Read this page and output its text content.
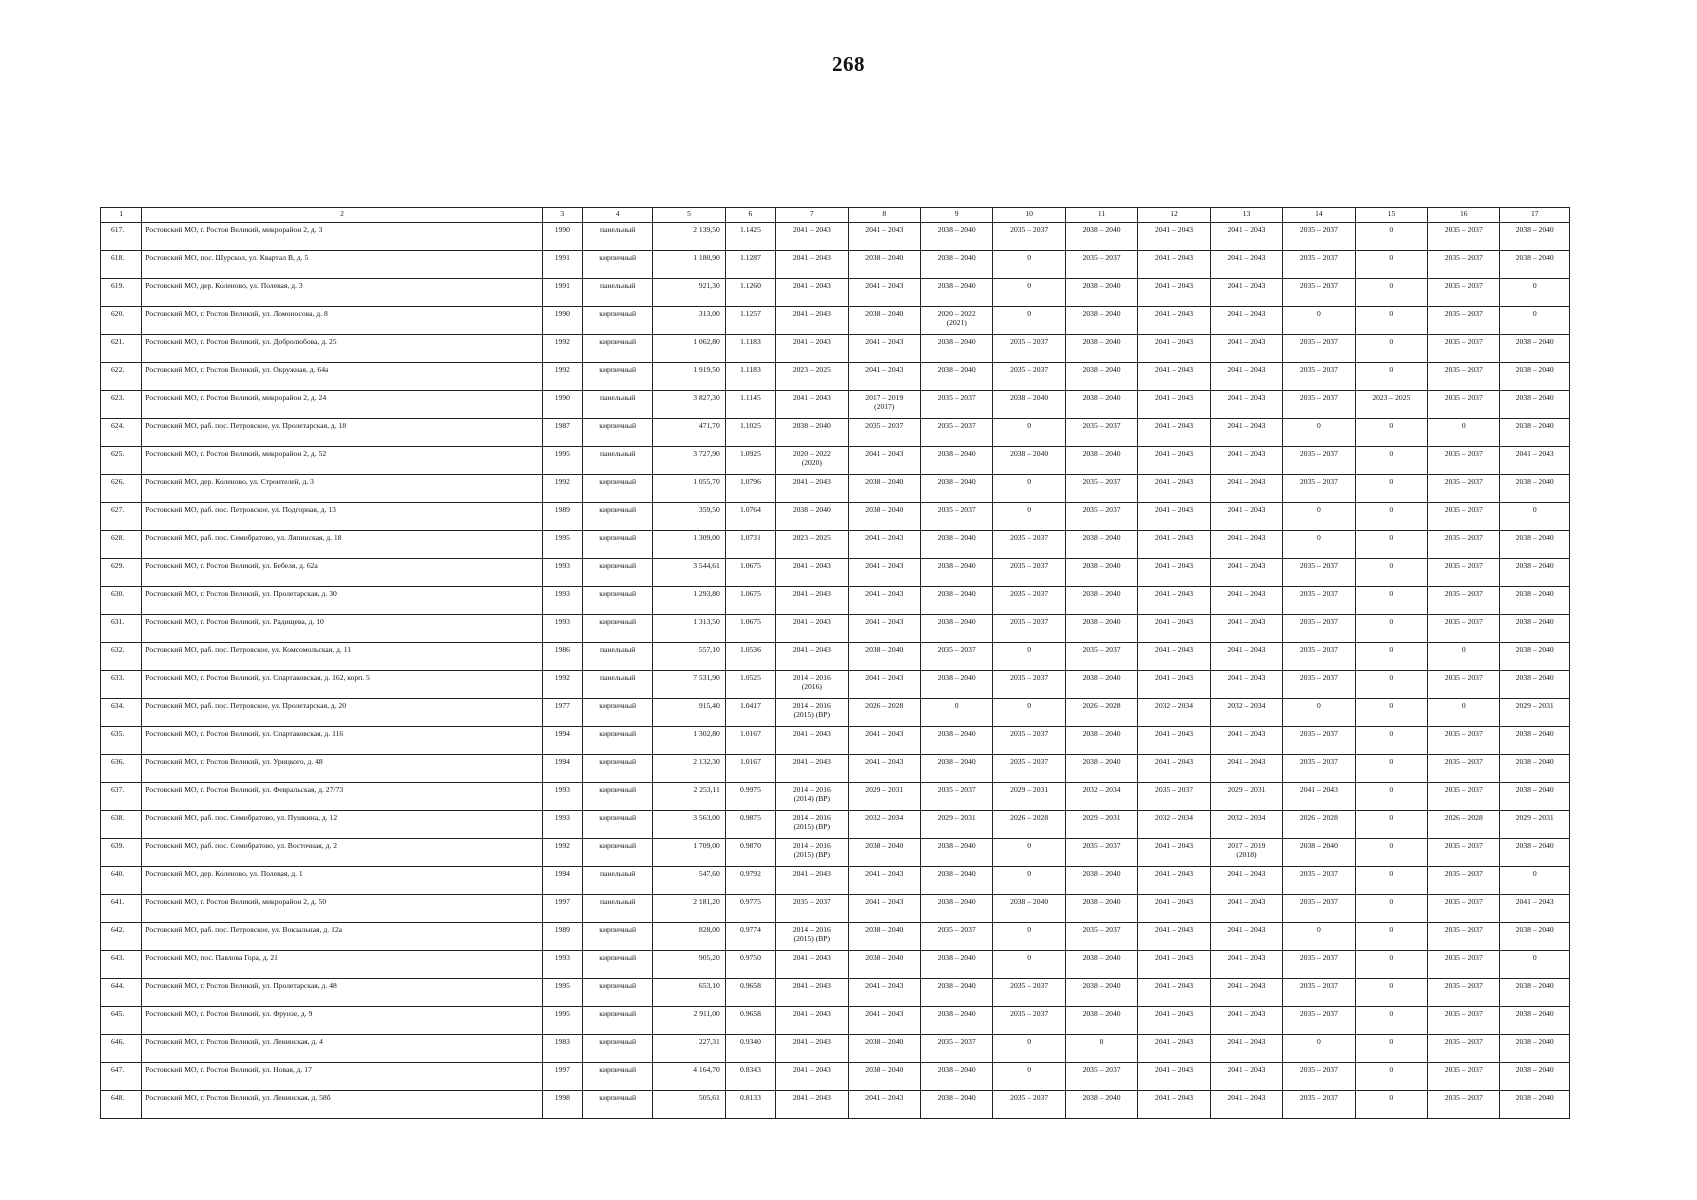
268
1	2	3	4	5	6	7	8	9	10	11	12	13	14	15	16	17
617.	Ростовский МО, г. Ростов Великий, микрорайон 2, д. 3	1990	панельный	2 139,50	1.1425	2041 – 2043	2041 – 2043	2038 – 2040	2035 – 2037	2038 – 2040	2041 – 2043	2041 – 2043	2035 – 2037	0	2035 – 2037	2038 – 2040
618.	Ростовский МО, пос. Шурскол, ул. Квартал В, д. 5	1991	кирпичный	1 180,90	1.1287	2041 – 2043	2038 – 2040	2038 – 2040	0	2035 – 2037	2041 – 2043	2041 – 2043	2035 – 2037	0	2035 – 2037	2038 – 2040
619.	Ростовский МО, дер. Коленово, ул. Полевая, д. 3	1991	панельный	921,30	1.1260	2041 – 2043	2041 – 2043	2038 – 2040	0	2038 – 2040	2041 – 2043	2041 – 2043	2035 – 2037	0	2035 – 2037	0
620.	Ростовский МО, г. Ростов Великий, ул. Ломоносова, д. 8	1990	кирпичный	313,00	1.1257	2041 – 2043	2038 – 2040	2020 – 2022
(2021)	0	2038 – 2040	2041 – 2043	2041 – 2043	0	0	2035 – 2037	0
621.	Ростовский МО, г. Ростов Великий, ул. Добролюбова, д. 25	1992	кирпичный	1 062,80	1.1183	2041 – 2043	2041 – 2043	2038 – 2040	2035 – 2037	2038 – 2040	2041 – 2043	2041 – 2043	2035 – 2037	0	2035 – 2037	2038 – 2040
622.	Ростовский МО, г. Ростов Великий, ул. Окружная, д. 64а	1992	кирпичный	1 919,50	1.1183	2023 – 2025	2041 – 2043	2038 – 2040	2035 – 2037	2038 – 2040	2041 – 2043	2041 – 2043	2035 – 2037	0	2035 – 2037	2038 – 2040
623.	Ростовский МО, г. Ростов Великий, микрорайон 2, д. 24	1990	панельный	3 827,30	1.1145	2041 – 2043	2017 – 2019
(2017)	2035 – 2037	2038 – 2040	2038 – 2040	2041 – 2043	2041 – 2043	2035 – 2037	2023 – 2025	2035 – 2037	2038 – 2040
624.	Ростовский МО, раб. пос. Петровское, ул. Пролетарская, д. 18	1987	кирпичный	471,70	1.1025	2038 – 2040	2035 – 2037	2035 – 2037	0	2035 – 2037	2041 – 2043	2041 – 2043	0	0	0	2038 – 2040
625.	Ростовский МО, г. Ростов Великий, микрорайон 2, д. 52	1995	панельный	3 727,90	1.0925	2020 – 2022
(2020)	2041 – 2043	2038 – 2040	2038 – 2040	2038 – 2040	2041 – 2043	2041 – 2043	2035 – 2037	0	2035 – 2037	2041 – 2043
626.	Ростовский МО, дер. Коленово, ул. Строителей, д. 3	1992	кирпичный	1 055,70	1.0796	2041 – 2043	2038 – 2040	2038 – 2040	0	2035 – 2037	2041 – 2043	2041 – 2043	2035 – 2037	0	2035 – 2037	2038 – 2040
627.	Ростовский МО, раб. пос. Петровское, ул. Подгорная, д. 13	1989	кирпичный	359,50	1.0764	2038 – 2040	2038 – 2040	2035 – 2037	0	2035 – 2037	2041 – 2043	2041 – 2043	0	0	2035 – 2037	0
628.	Ростовский МО, раб. пос. Семибратово, ул. Ляпинская, д. 18	1995	кирпичный	1 309,00	1.0731	2023 – 2025	2041 – 2043	2038 – 2040	2035 – 2037	2038 – 2040	2041 – 2043	2041 – 2043	0	0	2035 – 2037	2038 – 2040
629.	Ростовский МО, г. Ростов Великий, ул. Бебеля, д. 62а	1993	кирпичный	3 544,61	1.0675	2041 – 2043	2041 – 2043	2038 – 2040	2035 – 2037	2038 – 2040	2041 – 2043	2041 – 2043	2035 – 2037	0	2035 – 2037	2038 – 2040
630.	Ростовский МО, г. Ростов Великий, ул. Пролетарская, д. 30	1993	кирпичный	1 293,80	1.0675	2041 – 2043	2041 – 2043	2038 – 2040	2035 – 2037	2038 – 2040	2041 – 2043	2041 – 2043	2035 – 2037	0	2035 – 2037	2038 – 2040
631.	Ростовский МО, г. Ростов Великий, ул. Радищева, д. 10	1993	кирпичный	1 313,50	1.0675	2041 – 2043	2041 – 2043	2038 – 2040	2035 – 2037	2038 – 2040	2041 – 2043	2041 – 2043	2035 – 2037	0	2035 – 2037	2038 – 2040
632.	Ростовский МО, раб. пос. Петровское, ул. Комсомольская, д. 11	1986	панельный	557,10	1.0536	2041 – 2043	2038 – 2040	2035 – 2037	0	2035 – 2037	2041 – 2043	2041 – 2043	2035 – 2037	0	0	2038 – 2040
633.	Ростовский МО, г. Ростов Великий, ул. Спартаковская, д. 162, корп. 5	1992	панельный	7 531,90	1.0525	2014 – 2016
(2016)	2041 – 2043	2038 – 2040	2035 – 2037	2038 – 2040	2041 – 2043	2041 – 2043	2035 – 2037	0	2035 – 2037	2038 – 2040
634.	Ростовский МО, раб. пос. Петровское, ул. Пролетарская, д. 20	1977	кирпичный	915,40	1.0417	2014 – 2016
(2015) (ВР)	2026 – 2028	0	0	2026 – 2028	2032 – 2034	2032 – 2034	0	0	0	2029 – 2031
635.	Ростовский МО, г. Ростов Великий, ул. Спартаковская, д. 116	1994	кирпичный	1 302,80	1.0167	2041 – 2043	2041 – 2043	2038 – 2040	2035 – 2037	2038 – 2040	2041 – 2043	2041 – 2043	2035 – 2037	0	2035 – 2037	2038 – 2040
636.	Ростовский МО, г. Ростов Великий, ул. Урицкого, д. 48	1994	кирпичный	2 132,30	1.0167	2041 – 2043	2041 – 2043	2038 – 2040	2035 – 2037	2038 – 2040	2041 – 2043	2041 – 2043	2035 – 2037	0	2035 – 2037	2038 – 2040
637.	Ростовский МО, г. Ростов Великий, ул. Февральская, д. 27/73	1993	кирпичный	2 253,11	0.9975	2014 – 2016
(2014) (ВР)	2029 – 2031	2035 – 2037	2029 – 2031	2032 – 2034	2035 – 2037	2029 – 2031	2041 – 2043	0	2035 – 2037	2038 – 2040
638.	Ростовский МО, раб. пос. Семибратово, ул. Пушкина, д. 12	1993	кирпичный	3 563,00	0.9875	2014 – 2016
(2015) (ВР)	2032 – 2034	2029 – 2031	2026 – 2028	2029 – 2031	2032 – 2034	2032 – 2034	2026 – 2028	0	2026 – 2028	2029 – 2031
639.	Ростовский МО, раб. пос. Семибратово, ул. Восточная, д. 2	1992	кирпичный	1 709,00	0.9870	2014 – 2016
(2015) (ВР)	2038 – 2040	2038 – 2040	0	2035 – 2037	2041 – 2043	2017 – 2019
(2018)	2038 – 2040	0	2035 – 2037	2038 – 2040
640.	Ростовский МО, дер. Коленово, ул. Полевая, д. 1	1994	панельный	547,60	0.9792	2041 – 2043	2041 – 2043	2038 – 2040	0	2038 – 2040	2041 – 2043	2041 – 2043	2035 – 2037	0	2035 – 2037	0
641.	Ростовский МО, г. Ростов Великий, микрорайон 2, д. 50	1997	панельный	2 181,20	0.9775	2035 – 2037	2041 – 2043	2038 – 2040	2038 – 2040	2038 – 2040	2041 – 2043	2041 – 2043	2035 – 2037	0	2035 – 2037	2041 – 2043
642.	Ростовский МО, раб. пос. Петровское, ул. Вокзальная, д. 12а	1989	кирпичный	828,00	0.9774	2014 – 2016
(2015) (ВР)	2038 – 2040	2035 – 2037	0	2035 – 2037	2041 – 2043	2041 – 2043	0	0	2035 – 2037	2038 – 2040
643.	Ростовский МО, пос. Павлова Гора, д. 21	1993	кирпичный	905,20	0.9750	2041 – 2043	2038 – 2040	2038 – 2040	0	2038 – 2040	2041 – 2043	2041 – 2043	2035 – 2037	0	2035 – 2037	0
644.	Ростовский МО, г. Ростов Великий, ул. Пролетарская, д. 48	1995	кирпичный	653,10	0.9658	2041 – 2043	2041 – 2043	2038 – 2040	2035 – 2037	2038 – 2040	2041 – 2043	2041 – 2043	2035 – 2037	0	2035 – 2037	2038 – 2040
645.	Ростовский МО, г. Ростов Великий, ул. Фрунзе, д. 9	1995	кирпичный	2 911,00	0.9658	2041 – 2043	2041 – 2043	2038 – 2040	2035 – 2037	2038 – 2040	2041 – 2043	2041 – 2043	2035 – 2037	0	2035 – 2037	2038 – 2040
646.	Ростовский МО, г. Ростов Великий, ул. Ленинская, д. 4	1983	кирпичный	227,31	0.9340	2041 – 2043	2038 – 2040	2035 – 2037	0	0	2041 – 2043	2041 – 2043	0	0	2035 – 2037	2038 – 2040
647.	Ростовский МО, г. Ростов Великий, ул. Новая, д. 17	1997	кирпичный	4 164,70	0.8343	2041 – 2043	2038 – 2040	2038 – 2040	0	2035 – 2037	2041 – 2043	2041 – 2043	2035 – 2037	0	2035 – 2037	2038 – 2040
648.	Ростовский МО, г. Ростов Великий, ул. Ленинская, д. 58б	1998	кирпичный	505,61	0.8133	2041 – 2043	2041 – 2043	2038 – 2040	2035 – 2037	2038 – 2040	2041 – 2043	2041 – 2043	2035 – 2037	0	2035 – 2037	2038 – 2040
